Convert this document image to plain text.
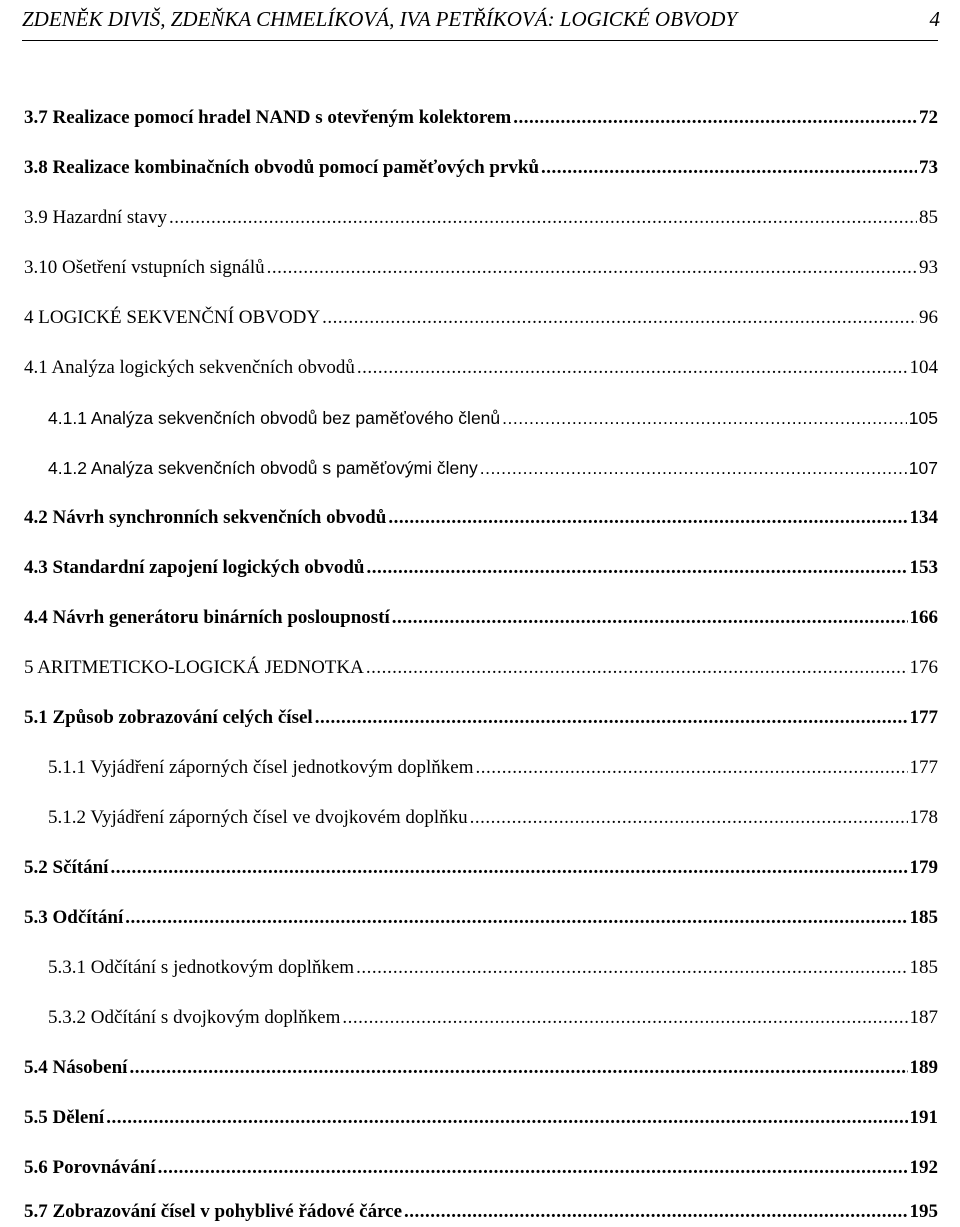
ZDENĚK DIVIŠ, ZDEŇKA CHMELÍKOVÁ, IVA PETŘÍKOVÁ: LOGICKÉ OBVODY	4
3.7 Realizace pomocí hradel NAND s otevřeným kolektorem .....	72
3.8 Realizace kombinačních obvodů pomocí paměťových prvků .....	73
3.9 Hazardní stavy .....	85
3.10 Ošetření vstupních signálů .....	93
4 LOGICKÉ SEKVENČNÍ OBVODY .....	96
4.1 Analýza logických sekvenčních obvodů .....	104
4.1.1 Analýza sekvenčních obvodů bez paměťového členů .....	105
4.1.2 Analýza sekvenčních obvodů s paměťovými členy .....	107
4.2 Návrh synchronních sekvenčních obvodů .....	134
4.3 Standardní zapojení logických obvodů .....	153
4.4 Návrh generátoru binárních posloupností .....	166
5 ARITMETICKO-LOGICKÁ JEDNOTKA .....	176
5.1 Způsob zobrazování celých čísel .....	177
5.1.1 Vyjádření záporných čísel jednotkovým doplňkem .....	177
5.1.2 Vyjádření záporných čísel ve dvojkovém doplňku .....	178
5.2 Sčítání .....	179
5.3 Odčítání .....	185
5.3.1 Odčítání s jednotkovým doplňkem .....	185
5.3.2 Odčítání s dvojkovým doplňkem .....	187
5.4 Násobení .....	189
5.5 Dělení .....	191
5.6 Porovnávání .....	192
5.7 Zobrazování čísel v pohyblivé řádové čárce .....	195
